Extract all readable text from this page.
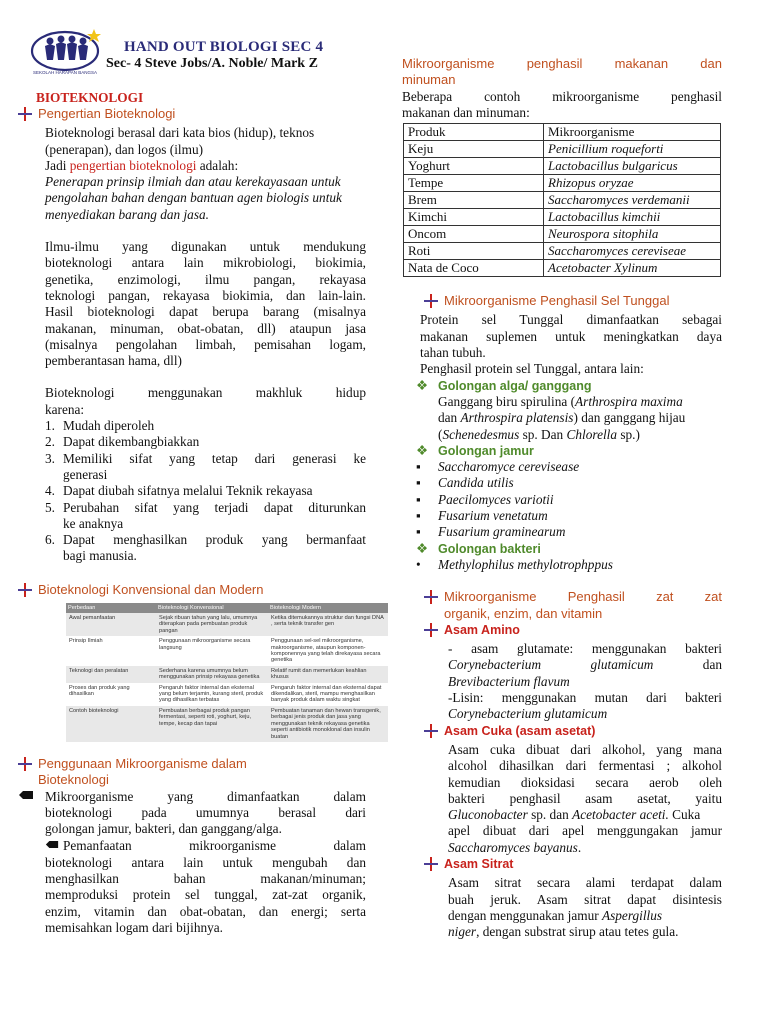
SEKOLAH HARAPAN BANGSA
HAND OUT BIOLOGI SEC 4
Sec- 4 Steve Jobs/A. Noble/ Mark Z
BIOTEKNOLOGI
Pengertian Bioteknologi
Bioteknologi berasal dari kata bios (hidup), teknos
(penerapan), dan logos (ilmu)
Jadi pengertian bioteknologi adalah:
Penerapan prinsip ilmiah dan atau kerekayasaan untuk
pengolahan bahan dengan bantuan agen biologis untuk
menyediakan barang dan jasa.
Ilmu-ilmu yang digunakan untuk mendukung
bioteknologi antara lain mikrobiologi, biokimia,
genetika, enzimologi, ilmu pangan, rekayasa
teknologi pangan, rekayasa biokimia, dan lain-lain.
Hasil bioteknologi dapat berupa barang (misalnya
makanan, minuman, obat-obatan, dll) ataupun jasa
(misalnya pengolahan limbah, pemisahan logam,
pemberantasan hama, dll)
Bioteknologi menggunakan makhluk hidup
karena:
1. Mudah diperoleh
2. Dapat dikembangbiakkan
3. Memiliki sifat yang tetap dari generasi ke
generasi
4. Dapat diubah sifatnya melalui Teknik rekayasa
5. Perubahan sifat yang terjadi dapat diturunkan
ke anaknya
6. Dapat menghasilkan produk yang bermanfaat
bagi manusia.
Bioteknologi Konvensional dan Modern
Perbedaan	Bioteknologi Konvensional	Bioteknologi Modern
Awal pemanfaatan	Sejak ribuan tahun yang lalu, umumnya diterapkan pada pembuatan produk pangan	Ketika ditemukannya struktur dan fungsi DNA , serta teknik transfer gen
Prinsip Ilmiah	Penggunaan mikroorganisme secara langsung	Penggunaan sel-sel mikroorganisme, makroorganisme, ataupun komponen-komponennya yang telah direkayasa secara genetika
Teknologi dan peralatan	Sederhana karena umumnya belum menggunakan prinsip rekayasa genetika	Relatif rumit dan memerlukan keahlian khusus
Proses dan produk yang dihasilkan	Pengaruh faktor internal dan eksternal yang belum terjamin, kurang steril, produk yang dihasilkan terbatas	Pengaruh faktor internal dan eksternal dapat dikendalikan, steril, mampu menghasilkan banyak produk dalam waktu singkat
Contoh bioteknologi	Pembuatan berbagai produk pangan fermentasi, seperti roti, yoghurt, keju, tempe, kecap dan tapai	Pembuatan tanaman dan hewan transgenik, berbagai jenis produk dan jasa yang menggunakan teknik rekayasa genetika seperti antibiotik monoklonal dan insulin buatan
Penggunaan Mikroorganisme dalam
Bioteknologi
Mikroorganisme yang dimanfaatkan dalam
bioteknologi pada umumnya berasal dari
golongan jamur, bakteri, dan ganggang/alga.
Pemanfaatan mikroorganisme dalam
bioteknologi antara lain untuk mengubah dan
menghasilkan bahan makanan/minuman;
memproduksi protein sel tunggal, zat-zat organik,
enzim, vitamin dan obat-obatan, dan energi; serta
memisahkan logam dari bijihnya.
Mikroorganisme penghasil makanan dan
minuman
Beberapa contoh mikroorganisme penghasil
makanan dan minuman:
Produk	Mikroorganisme
Keju	Penicillium roqueforti
Yoghurt	Lactobacillus bulgaricus
Tempe	Rhizopus oryzae
Brem	Saccharomyces verdemanii
Kimchi	Lactobacillus kimchii
Oncom	Neurospora sitophila
Roti	Saccharomyces cereviseae
Nata de Coco	Acetobacter Xylinum
Mikroorganisme Penghasil Sel Tunggal
Protein sel Tunggal dimanfaatkan sebagai
makanan suplemen untuk meningkatkan daya
tahan tubuh.
Penghasil protein sel Tunggal, antara lain:
❖ Golongan alga/ ganggang
Ganggang biru spirulina (Arthrospira maxima
dan Arthrospira platensis) dan ganggang hijau
(Schenedesmus sp. Dan Chlorella sp.)
❖ Golongan jamur
▪	Saccharomyce cerevisease
▪	Candida utilis
▪	Paecilomyces variotii
▪	Fusarium venetatum
▪	Fusarium graminearum
❖ Golongan bakteri
•	Methylophilus methylotrophppus
Mikroorganisme Penghasil zat zat
organik, enzim, dan vitamin
Asam Amino
- asam glutamate: menggunakan bakteri
Corynebacterium	glutamicum	dan
Brevibacterium flavum
-Lisin: menggunakan mutan dari bakteri
Corynebacterium glutamicum
Asam Cuka (asam asetat)
Asam cuka dibuat dari alkohol, yang mana
alcohol dihasilkan dari fermentasi ; alkohol
kemudian dioksidasi secara aerob oleh
bakteri penghasil asam asetat, yaitu
Gluconobacter sp. dan Acetobacter aceti. Cuka
apel dibuat dari apel menggungakan jamur
Saccharomyces bayanus.
Asam Sitrat
Asam sitrat secara alami terdapat dalam
buah jeruk. Asam sitrat dapat disintesis
dengan menggunakan jamur Aspergillus
niger, dengan substrat sirup atau tetes gula.
